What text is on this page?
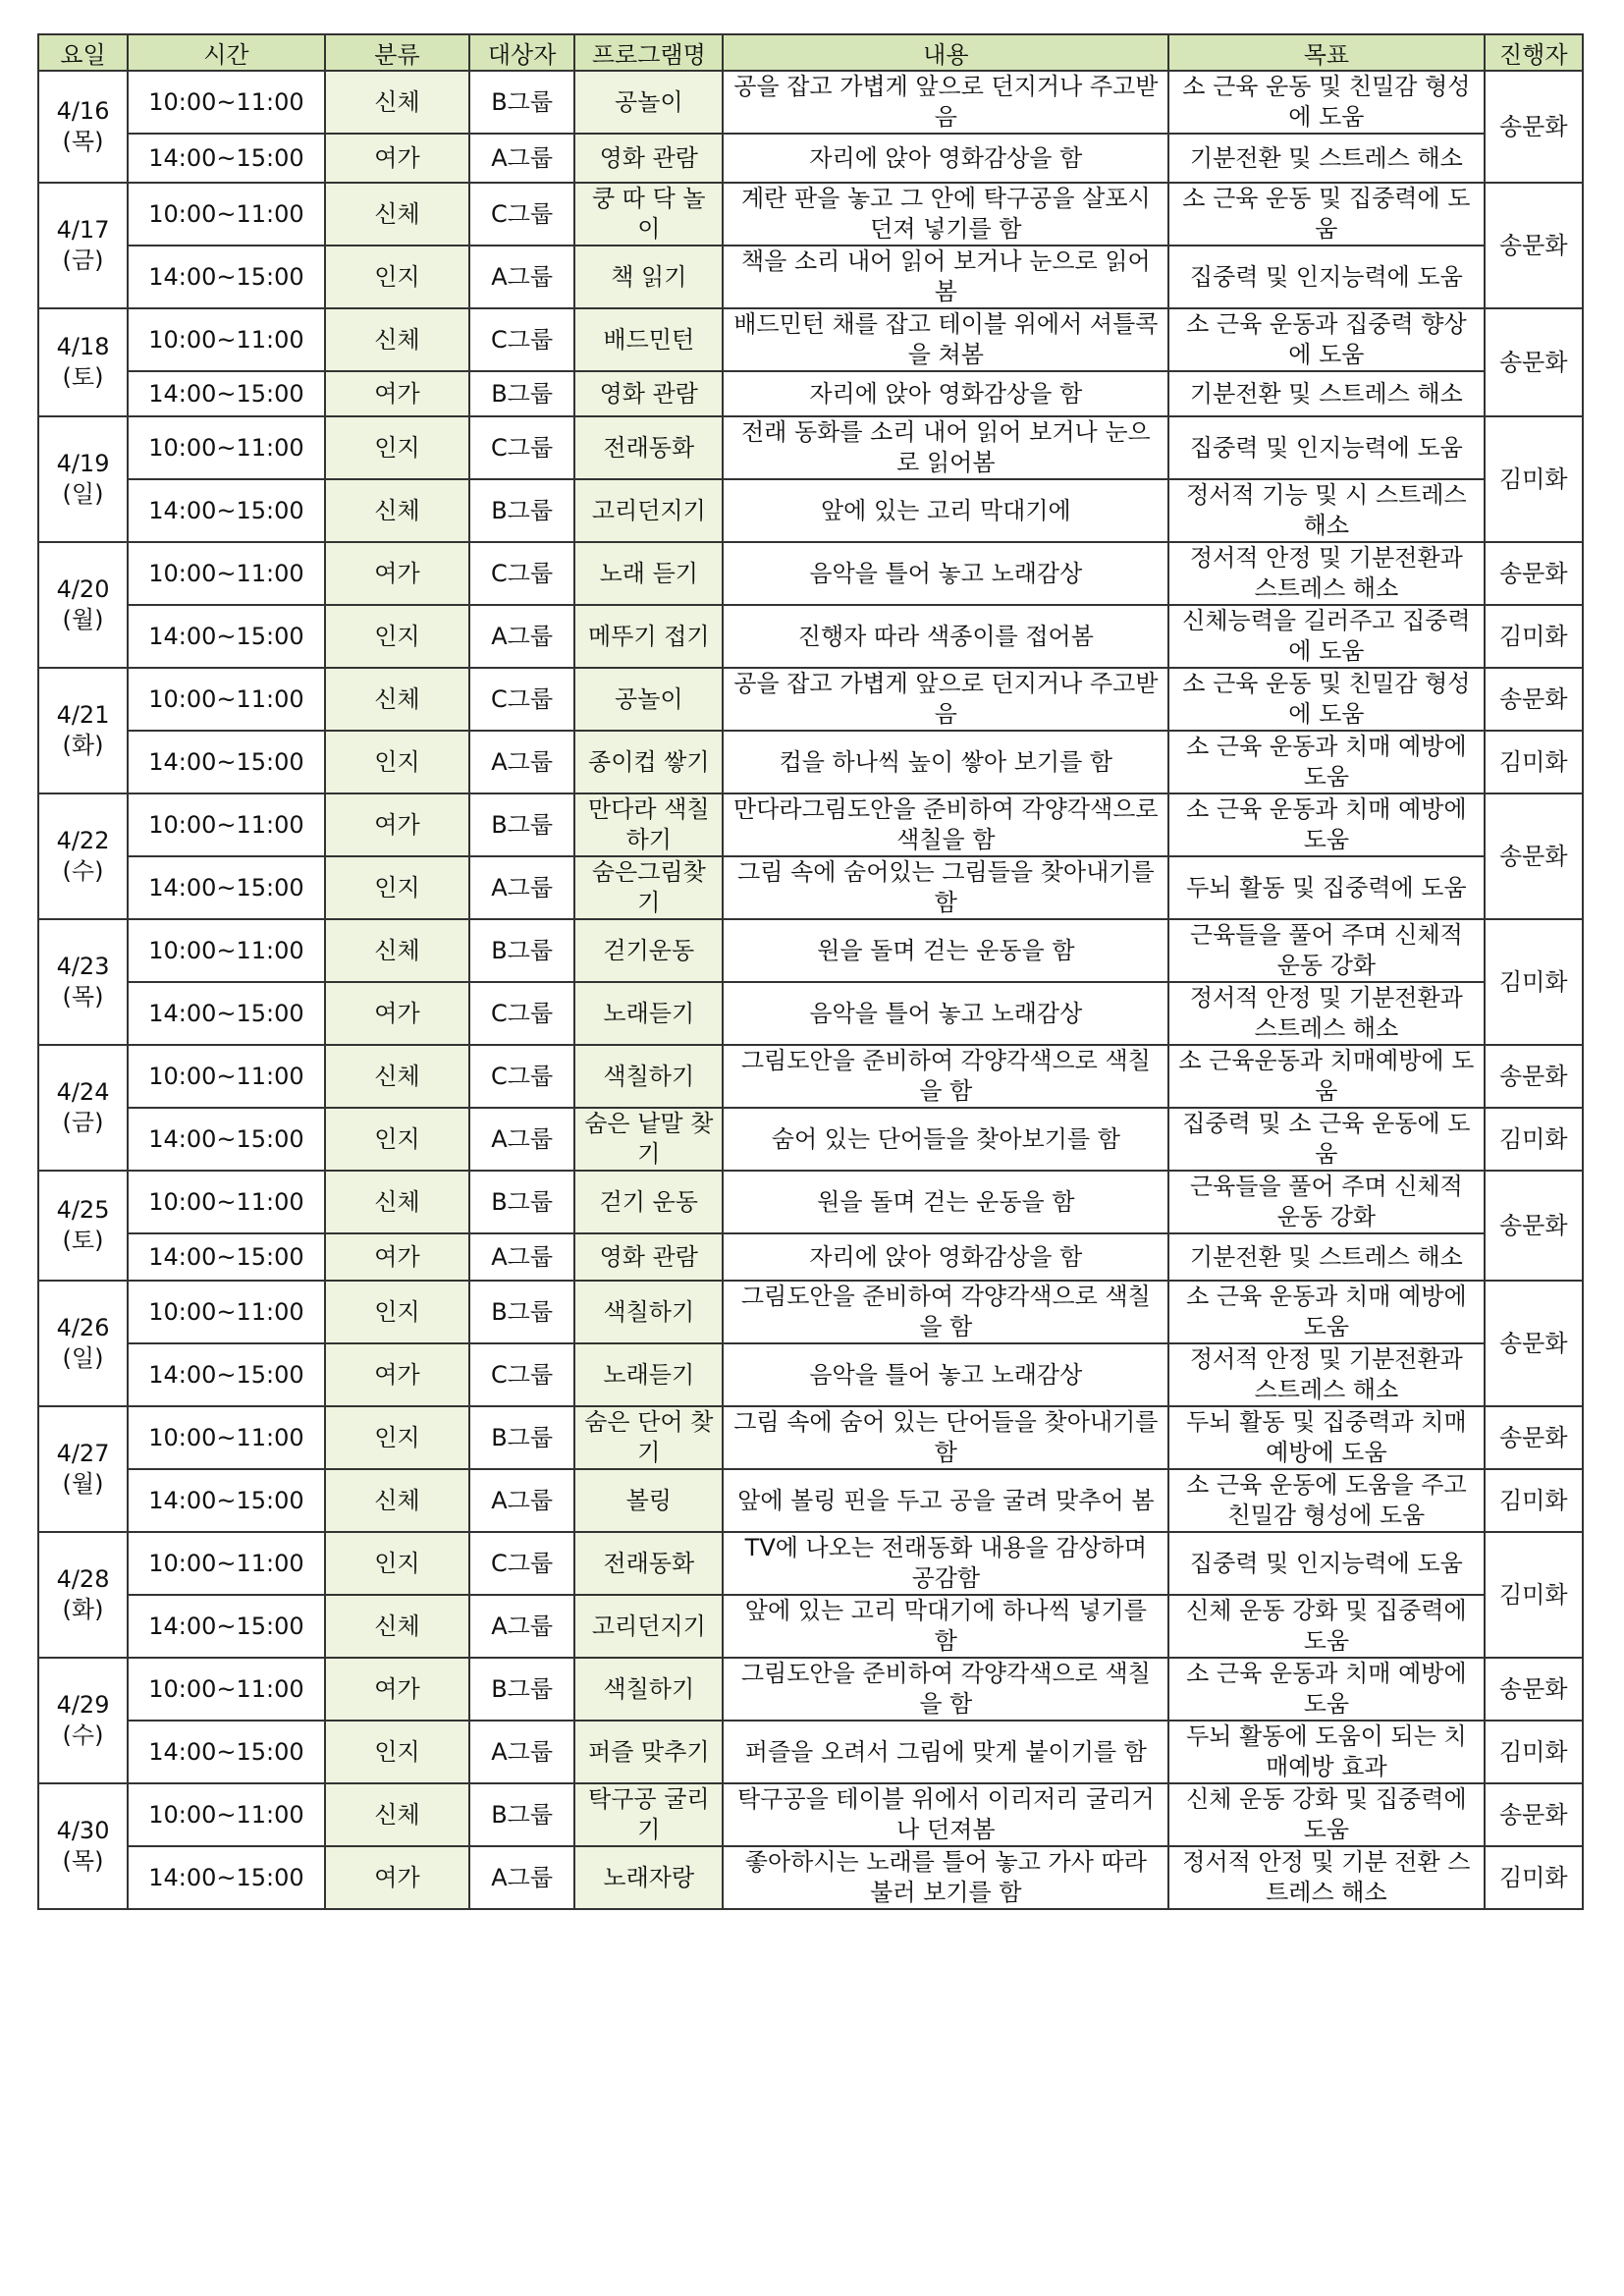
요일	시간	분류	대상자	프로그램명	내용	목표	진행자

4/16
(목)	10:00~11:00	신체	B그룹	공놀이	공을 잡고 가볍게 앞으로 던지거나 주고받음	소 근육 운동 및 친밀감 형성에 도움	송문화
	14:00~15:00	여가	A그룹	영화 관람	자리에 앉아 영화감상을 함	기분전환 및 스트레스 해소	

4/17
(금)	10:00~11:00	신체	C그룹	쿵 따 닥 놀이	계란 판을 놓고 그 안에 탁구공을 살포시 던져 넣기를 함	소 근육 운동 및 집중력에 도움	송문화
	14:00~15:00	인지	A그룹	책 읽기	책을 소리 내어 읽어 보거나 눈으로 읽어봄	집중력 및 인지능력에 도움	

4/18
(토)	10:00~11:00	신체	C그룹	배드민턴	배드민턴 채를 잡고 테이블 위에서 셔틀콕을 쳐봄	소 근육 운동과 집중력 향상에 도움	송문화
	14:00~15:00	여가	B그룹	영화 관람	자리에 앉아 영화감상을 함	기분전환 및 스트레스 해소	

4/19
(일)	10:00~11:00	인지	C그룹	전래동화	전래 동화를 소리 내어 읽어 보거나 눈으로 읽어봄	집중력 및 인지능력에 도움	김미화
	14:00~15:00	신체	B그룹	고리던지기	앞에 있는 고리 막대기에	정서적 기능 및 시 스트레스 해소	

4/20
(월)	10:00~11:00	여가	C그룹	노래 듣기	음악을 틀어 놓고 노래감상	정서적 안정 및 기분전환과 스트레스 해소	송문화
	14:00~15:00	인지	A그룹	메뚜기 접기	진행자 따라 색종이를 접어봄	신체능력을 길러주고 집중력에 도움	김미화

4/21
(화)	10:00~11:00	신체	C그룹	공놀이	공을 잡고 가볍게 앞으로 던지거나 주고받음	소 근육 운동 및 친밀감 형성에 도움	송문화
	14:00~15:00	인지	A그룹	종이컵 쌓기	컵을 하나씩 높이 쌓아 보기를 함	소 근육 운동과 치매 예방에 도움	김미화

4/22
(수)	10:00~11:00	여가	B그룹	만다라 색칠하기	만다라그림도안을 준비하여 각양각색으로 색칠을 함	소 근육 운동과 치매 예방에 도움	송문화
	14:00~15:00	인지	A그룹	숨은그림찾기	그림 속에 숨어있는 그림들을 찾아내기를 함	두뇌 활동 및 집중력에 도움	

4/23
(목)	10:00~11:00	신체	B그룹	걷기운동	원을 돌며 걷는 운동을 함	근육들을 풀어 주며 신체적 운동 강화	김미화
	14:00~15:00	여가	C그룹	노래듣기	음악을 틀어 놓고 노래감상	정서적 안정 및 기분전환과 스트레스 해소	

4/24
(금)	10:00~11:00	신체	C그룹	색칠하기	그림도안을 준비하여 각양각색으로 색칠을 함	소 근육운동과 치매예방에 도움	송문화
	14:00~15:00	인지	A그룹	숨은 낱말 찾기	숨어 있는 단어들을 찾아보기를 함	집중력 및 소 근육 운동에 도움	김미화

4/25
(토)	10:00~11:00	신체	B그룹	걷기 운동	원을 돌며 걷는 운동을 함	근육들을 풀어 주며 신체적 운동 강화	송문화
	14:00~15:00	여가	A그룹	영화 관람	자리에 앉아 영화감상을 함	기분전환 및 스트레스 해소	

4/26
(일)	10:00~11:00	인지	B그룹	색칠하기	그림도안을 준비하여 각양각색으로 색칠을 함	소 근육 운동과 치매 예방에 도움	송문화
	14:00~15:00	여가	C그룹	노래듣기	음악을 틀어 놓고 노래감상	정서적 안정 및 기분전환과 스트레스 해소	

4/27
(월)	10:00~11:00	인지	B그룹	숨은 단어 찾기	그림 속에 숨어 있는 단어들을 찾아내기를 함	두뇌 활동 및 집중력과 치매예방에 도움	송문화
	14:00~15:00	신체	A그룹	볼링	앞에 볼링 핀을 두고 공을 굴려 맞추어 봄	소 근육 운동에 도움을 주고 친밀감 형성에 도움	김미화

4/28
(화)	10:00~11:00	인지	C그룹	전래동화	TV에 나오는 전래동화 내용을 감상하며 공감함	집중력 및 인지능력에 도움	김미화
	14:00~15:00	신체	A그룹	고리던지기	앞에 있는 고리 막대기에 하나씩 넣기를 함	신체 운동 강화 및 집중력에 도움	

4/29
(수)	10:00~11:00	여가	B그룹	색칠하기	그림도안을 준비하여 각양각색으로 색칠을 함	소 근육 운동과 치매 예방에 도움	송문화
	14:00~15:00	인지	A그룹	퍼즐 맞추기	퍼즐을 오려서 그림에 맞게 붙이기를 함	두뇌 활동에 도움이 되는 치매예방 효과	김미화

4/30
(목)	10:00~11:00	신체	B그룹	탁구공 굴리기	탁구공을 테이블 위에서 이리저리 굴리거나 던져봄	신체 운동 강화 및 집중력에 도움	송문화
	14:00~15:00	여가	A그룹	노래자랑	좋아하시는 노래를 틀어 놓고 가사 따라 불러 보기를 함	정서적 안정 및 기분 전환 스트레스 해소	김미화
